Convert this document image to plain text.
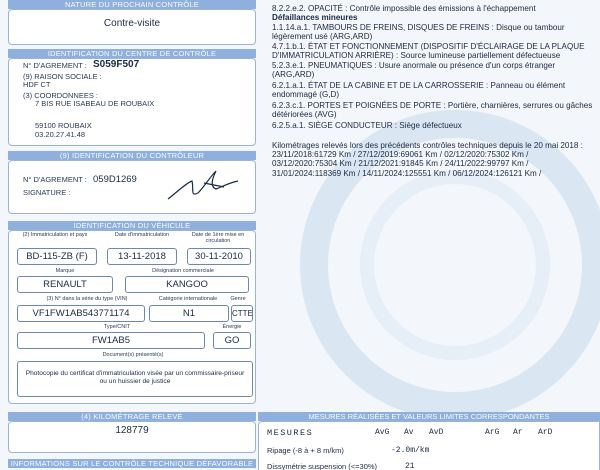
NATURE DU PROCHAIN CONTRÔLE
Contre-visite
IDENTIFICATION DU CENTRE DE CONTRÔLE
N° D'AGREMENT : S059F507
(9) RAISON SOCIALE :
HDF CT
(3) COORDONNEES :
7 BIS RUE ISABEAU DE ROUBAIX
59100 ROUBAIX
03.20.27.41.48
(9) IDENTIFICATION DU CONTRÔLEUR
N° D'AGREMENT : 059D1269
SIGNATURE :
IDENTIFICATION DU VÉHICULE
(2) Immatriculation et pays	Date d'immatriculation	Date de 1ère mise en circulation
BD-115-ZB (F)	13-11-2018	30-11-2010
Marque	Désignation commerciale
RENAULT	KANGOO
(3) N° dans la série du type (VIN)	Catégorie internationale	Genre
VF1FW1AB543771174	N1	CTTE
Type/CNIT	Énergie
FW1AB5	GO
Document(s) présenté(s)
Photocopie du certificat d'immatriculation visée par un commissaire-priseur ou un huissier de justice
(4) KILOMÉTRAGE RELEVÉ
128779
INFORMATIONS SUR LE CONTRÔLE TECHNIQUE DÉFAVORABLE
8.2.2.e.2. OPACITÉ : Contrôle impossible des émissions à l'échappement
Défaillances mineures
1.1.14.a.1. TAMBOURS DE FREINS, DISQUES DE FREINS : Disque ou tambour légèrement usé (ARG,ARD)
4.7.1.b.1. ÉTAT ET FONCTIONNEMENT (DISPOSITIF D'ÉCLAIRAGE DE LA PLAQUE D'IMMATRICULATION ARRIÈRE) : Source lumineuse partiellement défectueuse
5.2.3.e.1. PNEUMATIQUES : Usure anormale ou présence d'un corps étranger (ARG,ARD)
6.2.1.a.1. ÉTAT DE LA CABINE ET DE LA CARROSSERIE : Panneau ou élément endommagé (G,D)
6.2.3.c.1. PORTES ET POIGNÉES DE PORTE : Portière, charnières, serrures ou gâches détériorées (AVG)
6.2.5.a.1. SIÈGE CONDUCTEUR : Siège défectueux
Kilométrages relevés lors des précédents contrôles techniques depuis le 20 mai 2018 :
23/11/2018:61729 Km / 27/12/2019:69061 Km / 02/12/2020:75302 Km / 03/12/2020:75304 Km / 21/12/2021:91845 Km / 24/11/2022:99797 Km / 31/01/2024:118369 Km / 14/11/2024:125551 Km / 06/12/2024:126121 Km /
MESURES RÉALISÉES ET VALEURS LIMITES CORRESPONDANTES
MESURES	AvG Av AvD	ArG Ar ArD
Ripage (-8 à + 8 m/km)	-2.0m/km
Dissymétrie suspension (<=30%)	21
